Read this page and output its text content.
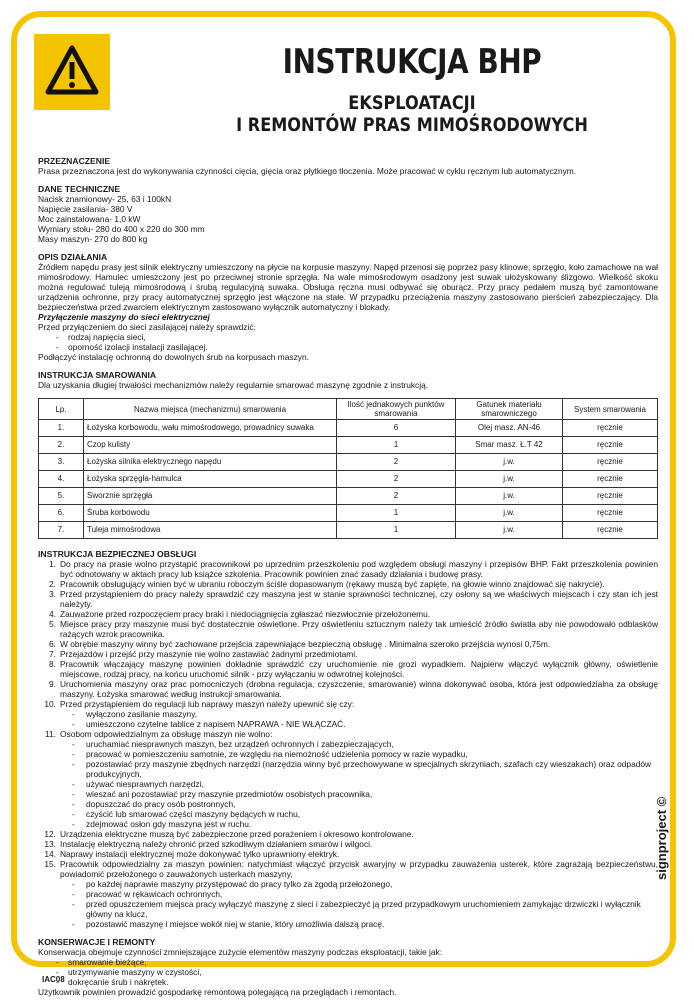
INSTRUKCJA BHP
EKSPLOATACJI
I REMONTÓW PRAS MIMOŚRODOWYCH

PRZEZNACZENIE

Prasa przeznaczona jest do wykonywania czynności cięcia, gięcia oraz płytkiego tłoczenia. Może pracować w cyklu ręcznym lub automatycznym.

DANE TECHNICZNE

Nacisk znamionowy- 25, 63 i 100kN

Napięcie zasilania- 380 V

Moc zainstalowana- 1,0 kW

Wymiary stołu- 280 do 400 x 220 do 300 mm

Masy maszyn- 270 do 800 kg

OPIS DZIAŁANIA

Źródłem napędu prasy jest silnik elektryczny umieszczony na płycie na korpusie maszyny. Napęd przenosi się poprzez pasy klinowe, sprzęgło, koło zamachowe na wał mimośrodowy. Hamulec umieszczony jest po przeciwnej stronie sprzęgła. Na wale mimośrodowym osadzony jest suwak ułożyskowany ślizgowo. Wielkość skoku można regulować tuleją mimośrodową i śrubą regulacyjną suwaka. Obsługa ręczna musi odbywać się oburącz. Przy pracy pedałem muszą być zamontowane urządzenia ochronne, przy pracy automatycznej sprzęgło jest włączone na stałe. W przypadku przeciążenia maszyny zastosowano pierścień zabezpieczający. Dla bezpieczeństwa przed zwarciem elektrycznym zastosowano wyłącznik automatyczny i blokady.

Przyłączenie maszyny do sieci elektrycznej

Przed przyłączeniem do sieci zasilającej należy sprawdzić:

- rodzaj napięcia sieci,

- oporność izolacji instalacji zasilającej.

Podłączyć instalację ochronną do dowolnych śrub na korpusach maszyn.

INSTRUKCJA SMAROWANIA

Dla uzyskania długiej trwałości mechanizmów należy regularnie smarować maszynę zgodnie z instrukcją.

Lp.	Nazwa miejsca (mechanizmu) smarowania	Ilość jednakowych punktów smarowania	Gatunek materiału smarowniczego	System smarowania
1.	Łożyska korbowodu, wału mimośrodowego, prowadnicy suwaka	6	Olej masz. AN-46	ręcznie
2.	Czop kulisty	1	Smar masz. Ł.T 42	ręcznie
3.	Łożyska silnika elektrycznego napędu	2	j.w.	ręcznie
4.	Łożyska sprzęgła-hamulca	2	j.w.	ręcznie
5.	Sworznie sprzęgła	2	j.w.	ręcznie
6.	Śruba korbowodu	1	j.w.	ręcznie
7.	Tuleja mimośrodowa	1	j.w.	ręcznie

INSTRUKCJA BEZPIECZNEJ OBSŁUGI

1. Do pracy na prasie wolno przystąpić pracownikowi po uprzednim przeszkoleniu pod względem obsługi maszyny i przepisów BHP. Fakt przeszkolenia powinien być odnotowany w aktach pracy lub książce szkolenia. Pracownik powinien znać zasady działania i budowę prasy.

2. Pracownik obsługujący winien być w ubraniu roboczym ściśle dopasowanym (rękawy muszą być zapięte, na głowie winno znajdować się nakrycie).

3. Przed przystąpieniem do pracy należy sprawdzić czy maszyna jest w stanie sprawności technicznej, czy osłony są we właściwych miejscach i czy stan ich jest należyty.

4. Zauważone przed rozpoczęciem pracy braki i niedociągnięcia zgłaszać niezwłocznie przełożonemu.

5. Miejsce pracy przy maszynie musi być dostatecznie oświetlone. Przy oświetleniu sztucznym należy tak umieścić źródło światła aby nie powodowało odblasków rażących wzrok pracownika.

6. W obrębie maszyny winny być zachowane przejścia zapewniające bezpieczną obsługę . Minimalna szeroko przejścia wynosi 0,75m.

7. Przejazdów i przejść przy maszynie nie wolno zastawiać żadnymi przedmiotami.

8. Pracownik włączający maszynę powinien dokładnie sprawdzić czy uruchomienie nie grozi wypadkiem. Najpierw włączyć wyłącznik główny, oświetlenie miejscowe, rodzaj pracy, na końcu uruchomić silnik - przy wyłączaniu w odwrotnej kolejności.

9. Uruchomienia maszyny oraz prac pomocniczych (drobna regulacja, czyszczenie, smarowanie) winna dokonywać osoba, która jest odpowiedzialna za obsługę maszyny. Łożyska smarować według instrukcji smarowania.

10. Przed przystąpieniem do regulacji lub naprawy maszyn należy upewnić się czy:

- wyłączono zasilanie maszyny,

- umieszczono czytelne tablice z napisem NAPRAWA - NIE WŁĄCZAĆ.

11. Osobom odpowiedzialnym za obsługę maszyn nie wolno:

- uruchamiać niesprawnych maszyn, bez urządzeń ochronnych i zabezpieczających,

- pracować w pomieszczeniu samotnie, ze względu na niemożność udzielenia pomocy w razie wypadku,

- pozostawiać przy maszynie zbędnych narzędzi (narzędzia winny być przechowywane w specjalnych skrzyniach, szafach czy wieszakach) oraz odpadów produkcyjnych,

- używać niesprawnych narzędzi,

- wieszać ani pozostawiać przy maszynie przedmiotów osobistych pracownika,

- dopuszczać do pracy osób postronnych,

- czyścić lub smarować części maszyny będących w ruchu,

- zdejmować osłon gdy maszyna jest w ruchu.

12. Urządzenia elektryczne muszą być zabezpieczone przed porażeniem i okresowo kontrolowane.

13. Instalację elektryczną należy chronić przed szkodliwym działaniem smarów i wilgoci.

14. Naprawy instalacji elektrycznej może dokonywać tylko uprawniony elektryk.

15. Pracownik odpowiedzialny za maszyn powinien: natychmiast włączyć przycisk awaryjny w przypadku zauważenia usterek, które zagrażają bezpieczeństwu, powiadomić przełożonego o zauważonych usterkach maszyny,

- po każdej naprawie maszyny przystępować do pracy tylko za zgodą przełożonego,

- pracować w rękawicach ochronnych,

- przed opuszczeniem miejsca pracy wyłączyć maszynę z sieci i zabezpieczyć ją przed przypadkowym uruchomieniem zamykając drzwiczki i wyłącznik główny na klucz,

- pozostawić maszynę i miejsce wokół niej w stanie, który umożliwia dalszą pracę.

KONSERWACJE I REMONTY

Konserwacja obejmuje czynności zmniejszające zużycie elementów maszyny podczas eksploatacji, takie jak:

- smarowanie bieżące,

- utrzymywanie maszyny w czystości,

- dokręcanie śrub i nakrętek.

Użytkownik powinien prowadzić gospodarkę remontową polegającą na przeglądach i remontach.

IAC08
signproject ©
